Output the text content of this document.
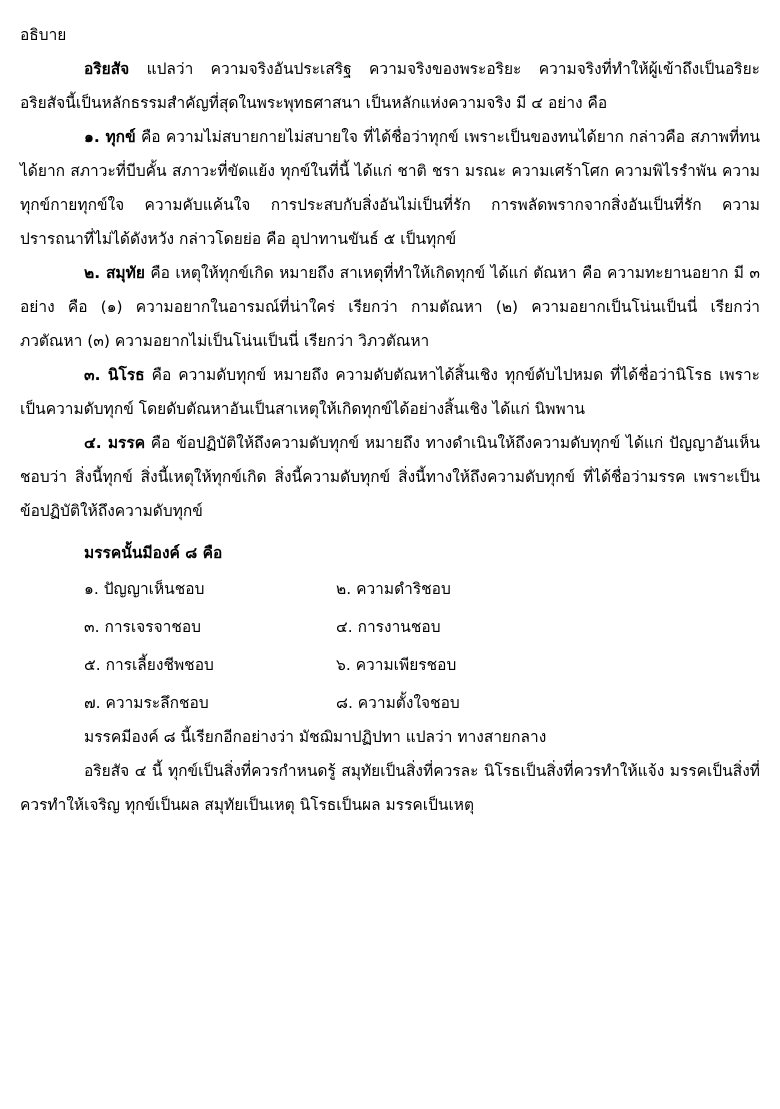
อธิบาย

อริยสัจ แปลว่า ความจริงอันประเสริฐ ความจริงของพระอริยะ ความจริงที่ทำให้ผู้เข้าถึงเป็นอริยะ อริยสัจนี้เป็นหลักธรรมสำคัญที่สุดในพระพุทธศาสนา เป็นหลักแห่งความจริง มี ๔ อย่าง คือ

๑. ทุกข์ คือ ความไม่สบายกายไม่สบายใจ ที่ได้ชื่อว่าทุกข์ เพราะเป็นของทนได้ยาก กล่าวคือ สภาพที่ทนได้ยาก สภาวะที่บีบคั้น สภาวะที่ขัดแย้ง ทุกข์ในที่นี้ ได้แก่ ชาติ ชรา มรณะ ความเศร้าโศก ความพิไรรำพัน ความทุกข์กายทุกข์ใจ ความคับแค้นใจ การประสบกับสิ่งอันไม่เป็นที่รัก การพลัดพรากจากสิ่งอันเป็นที่รัก ความปรารถนาที่ไม่ได้ดังหวัง กล่าวโดยย่อ คือ อุปาทานขันธ์ ๕ เป็นทุกข์

๒. สมุทัย คือ เหตุให้ทุกข์เกิด หมายถึง สาเหตุที่ทำให้เกิดทุกข์ ได้แก่ ตัณหา คือ ความทะยานอยาก มี ๓ อย่าง คือ (๑) ความอยากในอารมณ์ที่น่าใคร่ เรียกว่า กามตัณหา (๒) ความอยากเป็นโน่นเป็นนี่ เรียกว่า ภวตัณหา (๓) ความอยากไม่เป็นโน่นเป็นนี่ เรียกว่า วิภวตัณหา

๓. นิโรธ คือ ความดับทุกข์ หมายถึง ความดับตัณหาได้สิ้นเชิง ทุกข์ดับไปหมด ที่ได้ชื่อว่านิโรธ เพราะเป็นความดับทุกข์ โดยดับตัณหาอันเป็นสาเหตุให้เกิดทุกข์ได้อย่างสิ้นเชิง ได้แก่ นิพพาน

๔. มรรค คือ ข้อปฏิบัติให้ถึงความดับทุกข์ หมายถึง ทางดำเนินให้ถึงความดับทุกข์ ได้แก่ ปัญญาอันเห็นชอบว่า สิ่งนี้ทุกข์ สิ่งนี้เหตุให้ทุกข์เกิด สิ่งนี้ความดับทุกข์ สิ่งนี้ทางให้ถึงความดับทุกข์ ที่ได้ชื่อว่ามรรค เพราะเป็นข้อปฏิบัติให้ถึงความดับทุกข์

มรรคนั้นมีองค์ ๘ คือ
๑. ปัญญาเห็นชอบ	๒. ความดำริชอบ
๓. การเจรจาชอบ	๔. การงานชอบ
๕. การเลี้ยงชีพชอบ	๖. ความเพียรชอบ
๗. ความระลึกชอบ	๘. ความตั้งใจชอบ

มรรคมีองค์ ๘ นี้เรียกอีกอย่างว่า มัชฌิมาปฏิปทา แปลว่า ทางสายกลาง

อริยสัจ ๔ นี้ ทุกข์เป็นสิ่งที่ควรกำหนดรู้ สมุทัยเป็นสิ่งที่ควรละ นิโรธเป็นสิ่งที่ควรทำให้แจ้ง มรรคเป็นสิ่งที่ควรทำให้เจริญ ทุกข์เป็นผล สมุทัยเป็นเหตุ นิโรธเป็นผล มรรคเป็นเหตุ
